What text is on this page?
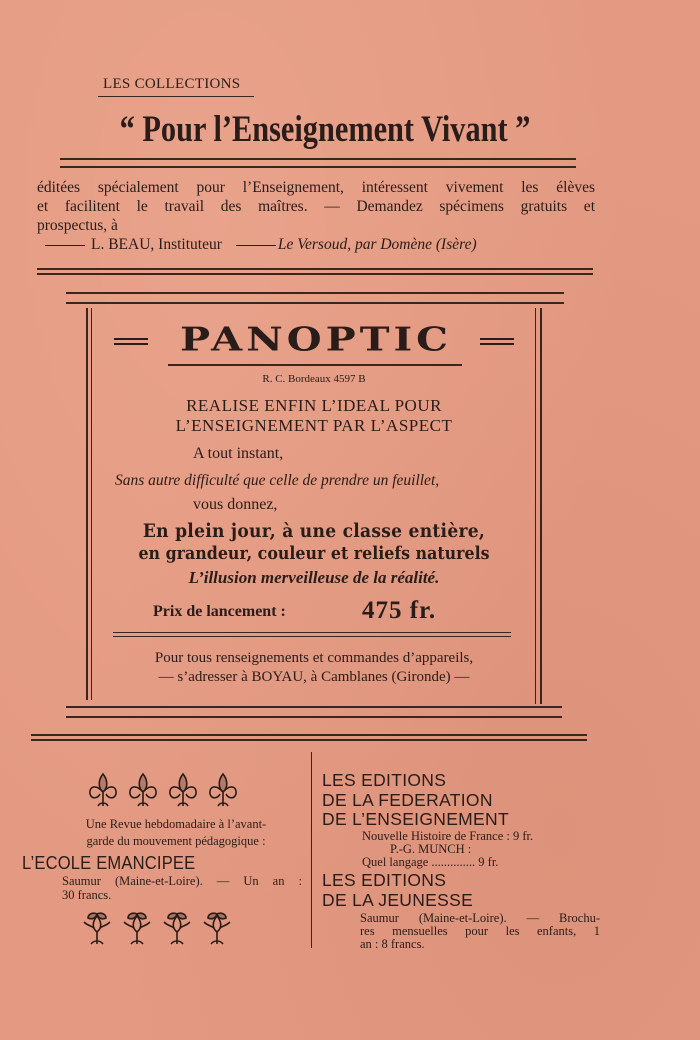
LES COLLECTIONS
“ Pour l’Enseignement Vivant ”
éditées spécialement pour l’Enseignement, intéressent vivement les élèves
et facilitent le travail des maîtres. — Demandez spécimens gratuits et
prospectus, à
L. BEAU, Instituteur	Le Versoud, par Domène (Isère)
PANOPTIC
R. C. Bordeaux 4597 B
REALISE ENFIN L’IDEAL POUR
L’ENSEIGNEMENT PAR L’ASPECT
A tout instant,
Sans autre difficulté que celle de prendre un feuillet,
vous donnez,
En plein jour, à une classe entière,
en grandeur, couleur et reliefs naturels
L’illusion merveilleuse de la réalité.
Prix de lancement :	475 fr.
Pour tous renseignements et commandes d’appareils,
— s’adresser à BOYAU, à Camblanes (Gironde) —
Une Revue hebdomadaire à l’avant-
garde du mouvement pédagogique :
L’ECOLE EMANCIPEE
Saumur (Maine-et-Loire). — Un an :
30 francs.
LES EDITIONS
DE LA FEDERATION
DE L’ENSEIGNEMENT
Nouvelle Histoire de France : 9 fr.
P.-G. MUNCH :
Quel langage .............. 9 fr.
LES EDITIONS
DE LA JEUNESSE
Saumur (Maine-et-Loire). — Brochu-
res mensuelles pour les enfants, 1
an : 8 francs.
